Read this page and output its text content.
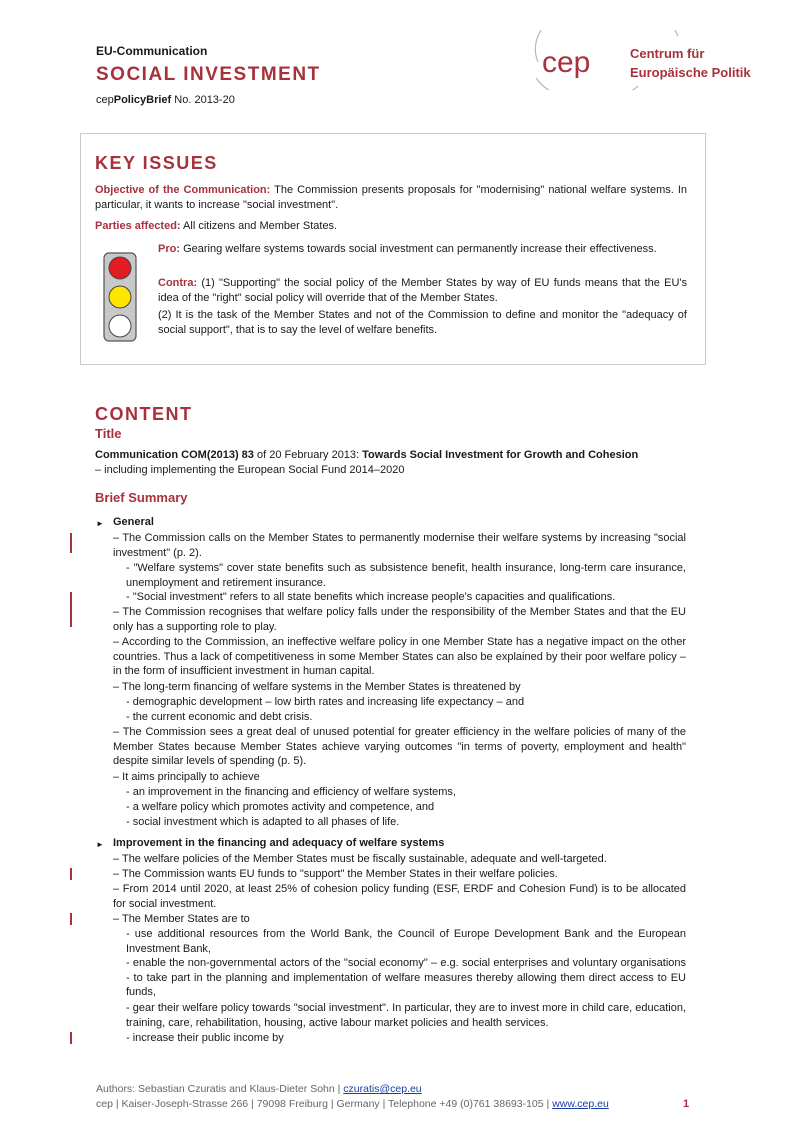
EU-Communication
SOCIAL INVESTMENT
cepPolicyBrief No. 2013-20
cep	Centrum für
Europäische Politik
KEY ISSUES
Objective of the Communication: The Commission presents proposals for "modernising" national welfare systems. In particular, it wants to increase "social investment".
Parties affected: All citizens and Member States.
Pro: Gearing welfare systems towards social investment can permanently increase their effectiveness.
Contra: (1) "Supporting" the social policy of the Member States by way of EU funds means that the EU's idea of the "right" social policy will override that of the Member States.
(2) It is the task of the Member States and not of the Commission to define and monitor the "adequacy of social support", that is to say the level of welfare benefits.
CONTENT
Title
Communication COM(2013) 83 of 20 February 2013: Towards Social Investment for Growth and Cohesion
– including implementing the European Social Fund 2014–2020
Brief Summary
► General
– The Commission calls on the Member States to permanently modernise their welfare systems by increasing "social investment" (p. 2).
- "Welfare systems" cover state benefits such as subsistence benefit, health insurance, long-term care insurance, unemployment and retirement insurance.
- "Social investment" refers to all state benefits which increase people's capacities and qualifications.
– The Commission recognises that welfare policy falls under the responsibility of the Member States and that the EU only has a supporting role to play.
– According to the Commission, an ineffective welfare policy in one Member State has a negative impact on the other countries. Thus a lack of competitiveness in some Member States can also be explained by their poor welfare policy – in the form of insufficient investment in human capital.
– The long-term financing of welfare systems in the Member States is threatened by
- demographic development – low birth rates and increasing life expectancy – and
- the current economic and debt crisis.
– The Commission sees a great deal of unused potential for greater efficiency in the welfare policies of many of the Member States because Member States achieve varying outcomes "in terms of poverty, employment and health" despite similar levels of spending (p. 5).
– It aims principally to achieve
- an improvement in the financing and efficiency of welfare systems,
- a welfare policy which promotes activity and competence, and
- social investment which is adapted to all phases of life.
► Improvement in the financing and adequacy of welfare systems
– The welfare policies of the Member States must be fiscally sustainable, adequate and well-targeted.
– The Commission wants EU funds to "support" the Member States in their welfare policies.
– From 2014 until 2020, at least 25% of cohesion policy funding (ESF, ERDF and Cohesion Fund) is to be allocated for social investment.
– The Member States are to
- use additional resources from the World Bank, the Council of Europe Development Bank and the European Investment Bank,
- enable the non-governmental actors of the "social economy" – e.g. social enterprises and voluntary organisations - to take part in the planning and implementation of welfare measures thereby allowing them direct access to EU funds,
- gear their welfare policy towards "social investment". In particular, they are to invest more in child care, education, training, care, rehabilitation, housing, active labour market policies and health services.
- increase their public income by
Authors: Sebastian Czuratis and Klaus-Dieter Sohn | czuratis@cep.eu
cep | Kaiser-Joseph-Strasse 266 | 79098 Freiburg | Germany | Telephone +49 (0)761 38693-105 | www.cep.eu	1
